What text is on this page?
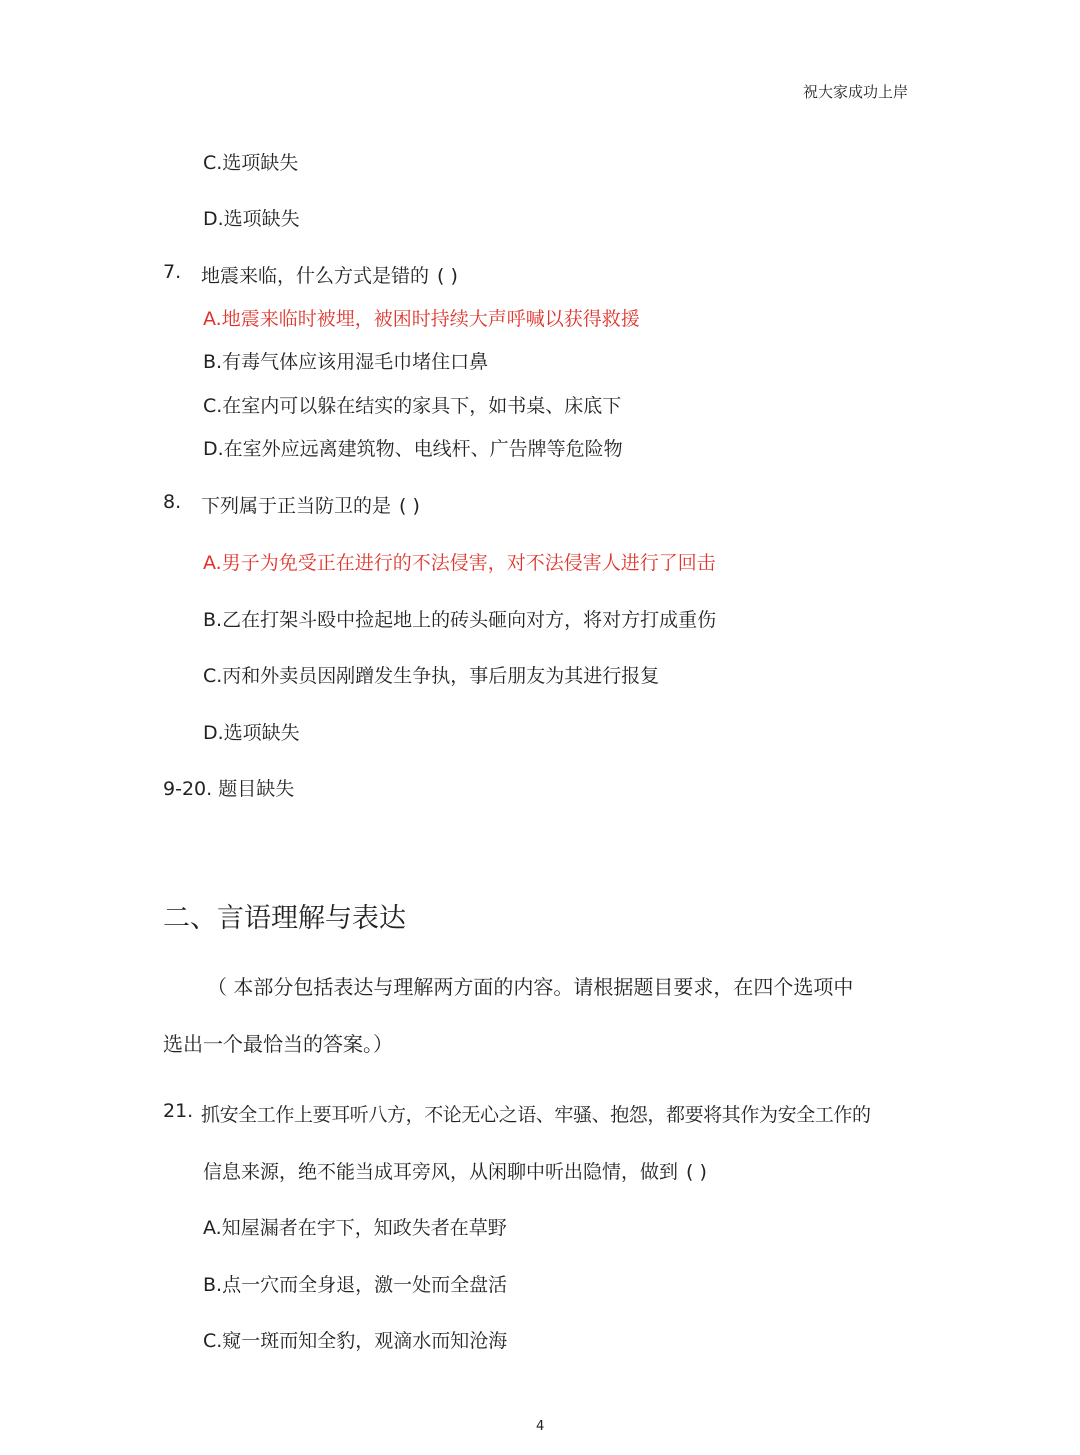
祝大家成功上岸
C.选项缺失
D.选项缺失
7. 地震来临，什么方式是错的 ( )
A.地震来临时被埋，被困时持续大声呼喊以获得救援
B.有毒气体应该用湿毛巾堵住口鼻
C.在室内可以躲在结实的家具下，如书桌、床底下
D.在室外应远离建筑物、电线杆、广告牌等危险物
8. 下列属于正当防卫的是 ( )
A.男子为免受正在进行的不法侵害，对不法侵害人进行了回击
B.乙在打架斗殴中捡起地上的砖头砸向对方，将对方打成重伤
C.丙和外卖员因剐蹭发生争执，事后朋友为其进行报复
D.选项缺失
9-20. 题目缺失
二、言语理解与表达
（ 本部分包括表达与理解两方面的内容。请根据题目要求，在四个选项中
选出一个最恰当的答案。）
21. 抓安全工作上要耳听八方，不论无心之语、牢骚、抱怨，都要将其作为安全工作的
信息来源，绝不能当成耳旁风，从闲聊中听出隐情，做到 ( )
A.知屋漏者在宇下，知政失者在草野
B.点一穴而全身退，激一处而全盘活
C.窥一斑而知全豹，观滴水而知沧海
4
